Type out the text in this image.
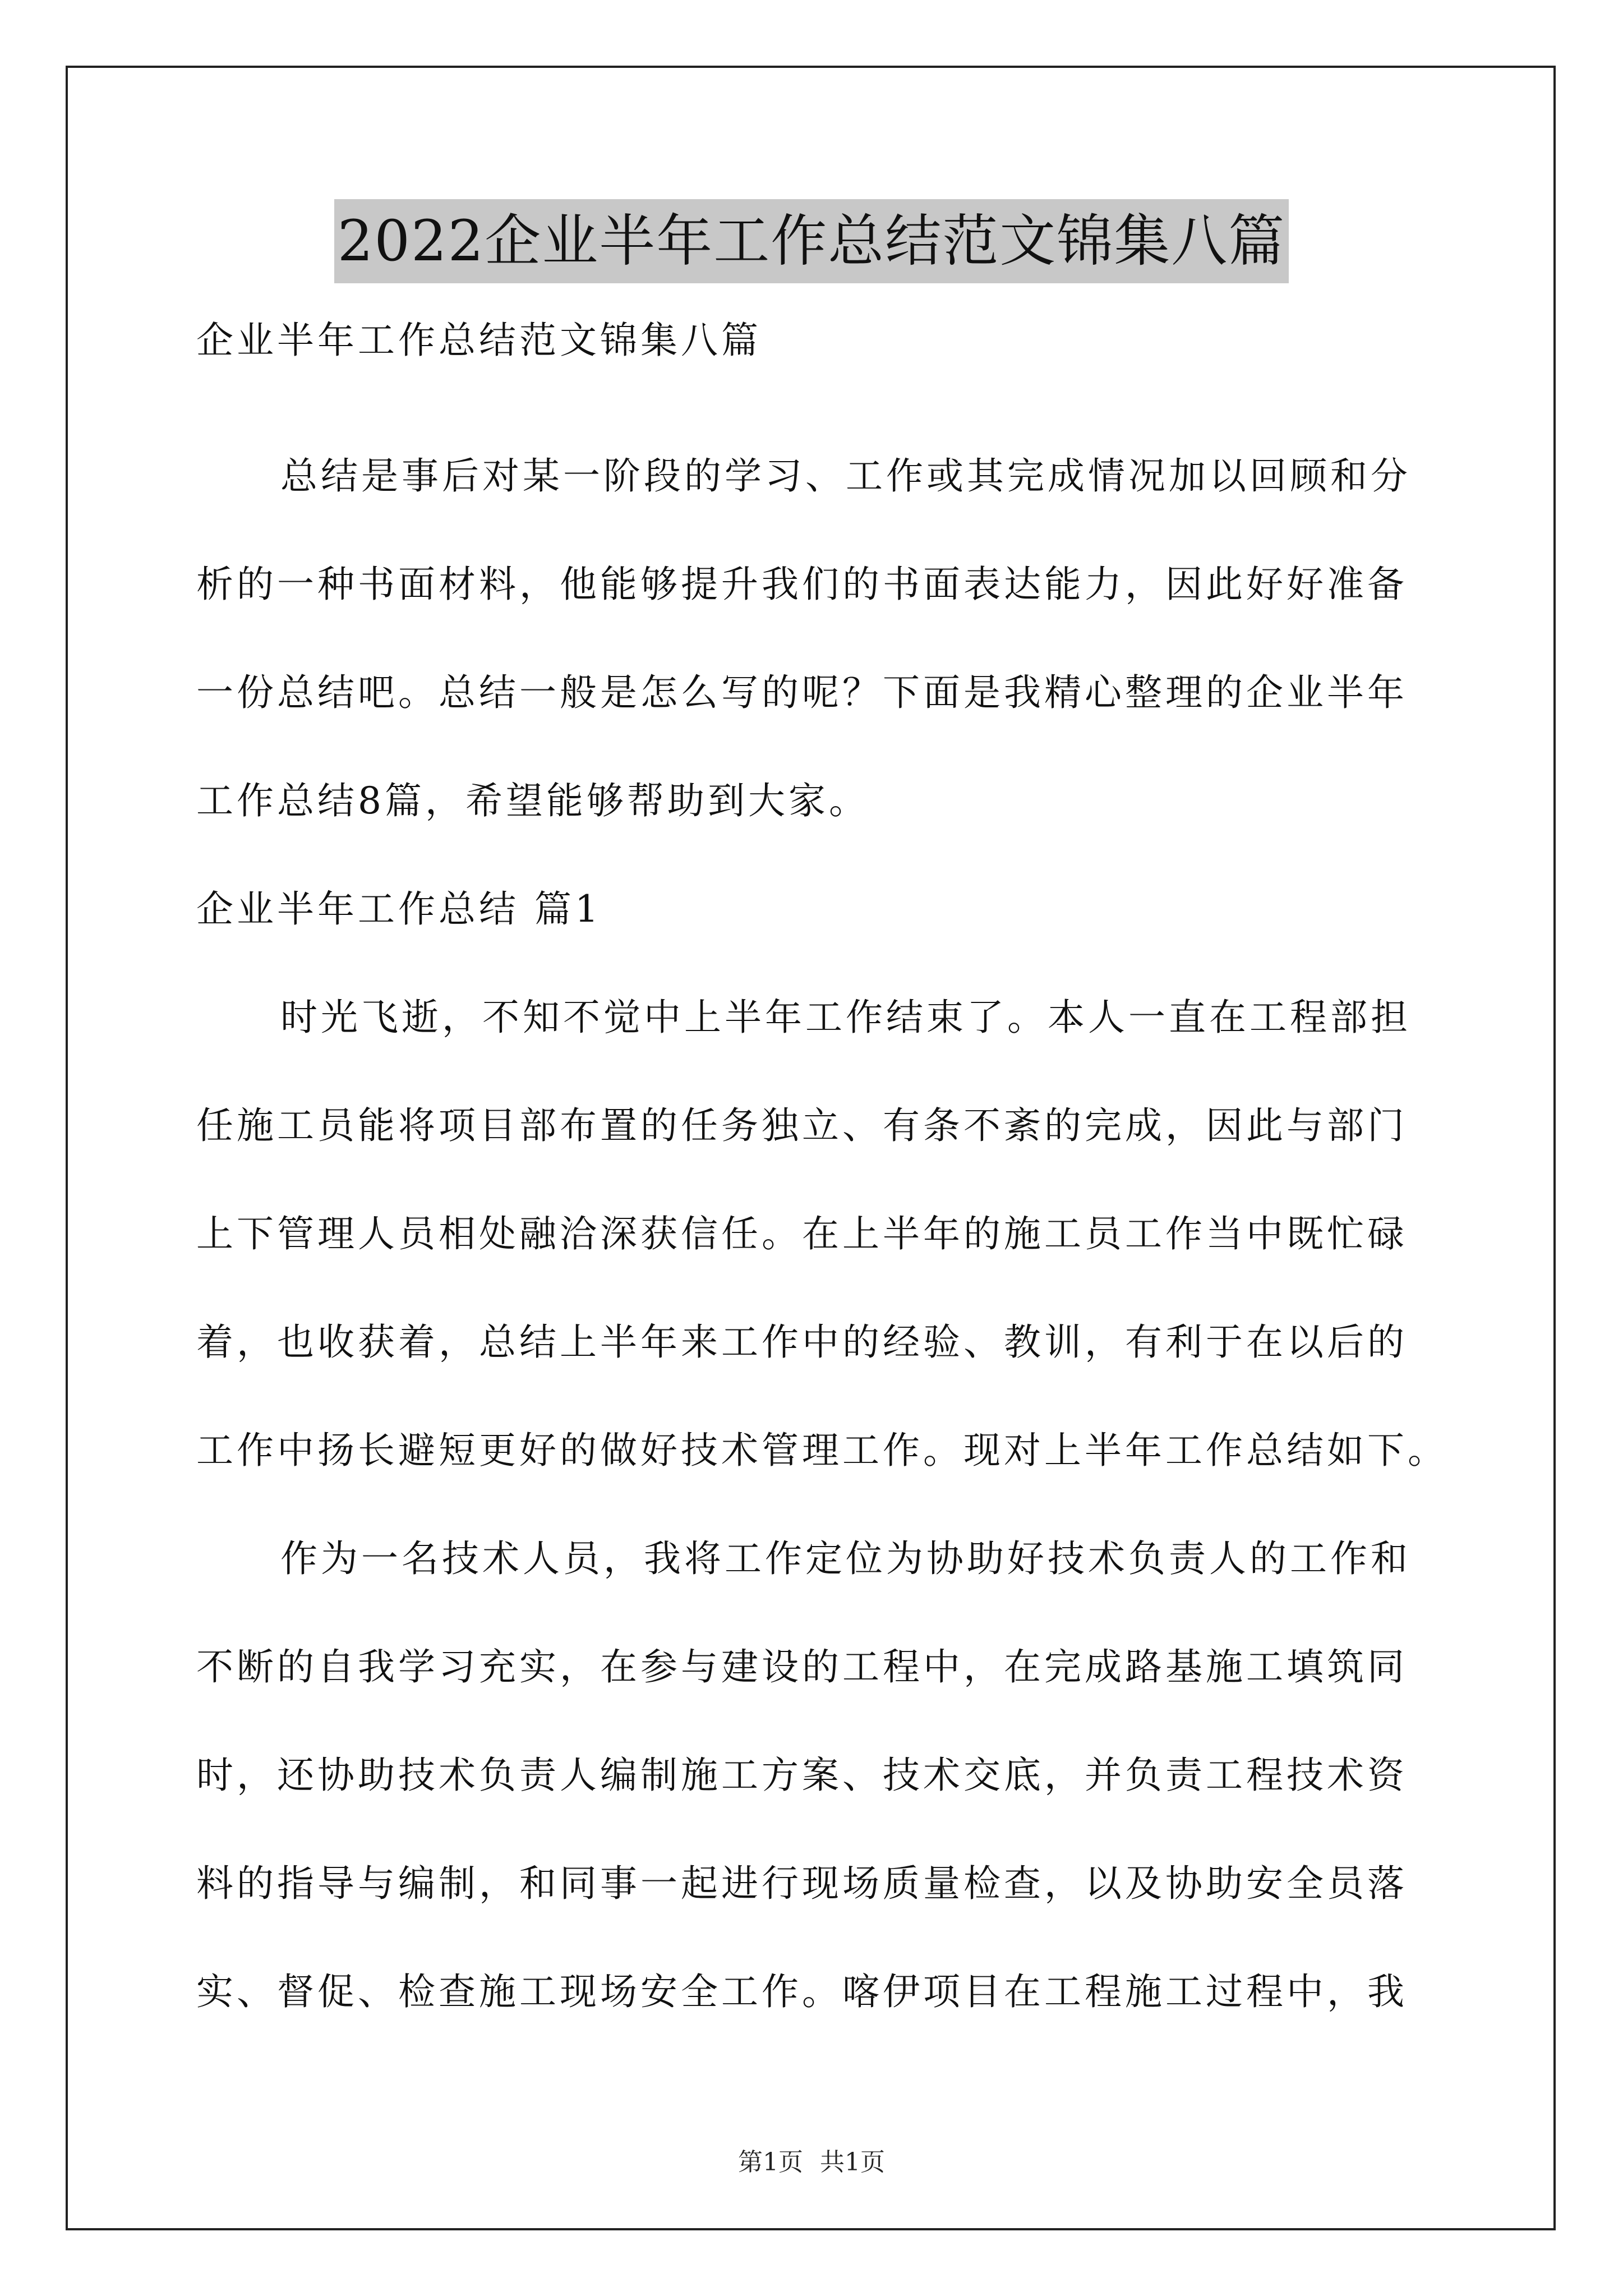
2022企业半年工作总结范文锦集八篇
企业半年工作总结范文锦集八篇
总结是事后对某一阶段的学习、工作或其完成情况加以回顾和分
析的一种书面材料，他能够提升我们的书面表达能力，因此好好准备
一份总结吧。总结一般是怎么写的呢？下面是我精心整理的企业半年
工作总结8篇，希望能够帮助到大家。
企业半年工作总结 篇1
时光飞逝，不知不觉中上半年工作结束了。本人一直在工程部担
任施工员能将项目部布置的任务独立、有条不紊的完成，因此与部门
上下管理人员相处融洽深获信任。在上半年的施工员工作当中既忙碌
着，也收获着，总结上半年来工作中的经验、教训，有利于在以后的
工作中扬长避短更好的做好技术管理工作。现对上半年工作总结如下。
作为一名技术人员，我将工作定位为协助好技术负责人的工作和
不断的自我学习充实，在参与建设的工程中，在完成路基施工填筑同
时，还协助技术负责人编制施工方案、技术交底，并负责工程技术资
料的指导与编制，和同事一起进行现场质量检查，以及协助安全员落
实、督促、检查施工现场安全工作。喀伊项目在工程施工过程中，我
第1页 共1页
